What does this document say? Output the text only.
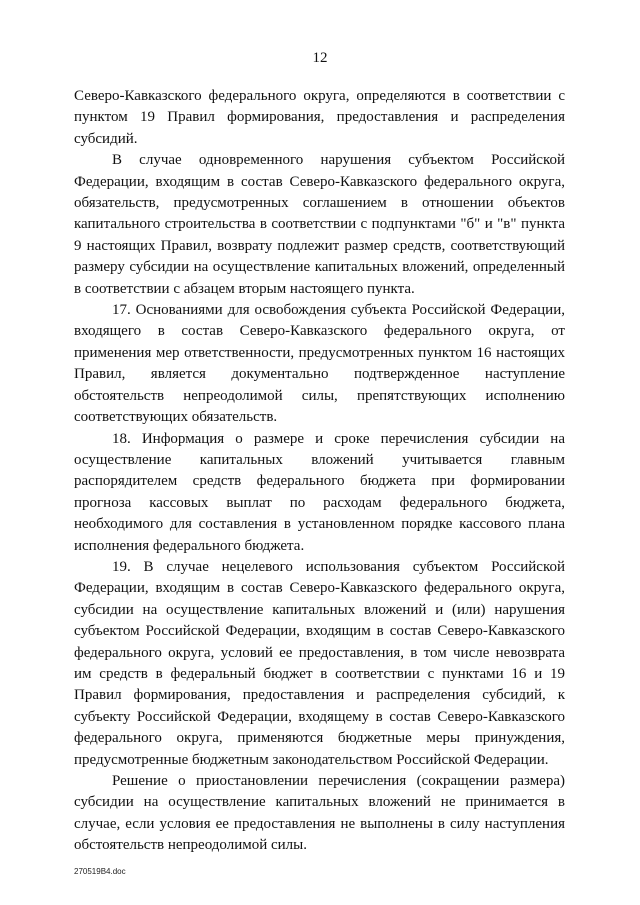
12

Северо-Кавказского федерального округа, определяются в соответствии с пунктом 19 Правил формирования, предоставления и распределения субсидий.

В случае одновременного нарушения субъектом Российской Федерации, входящим в состав Северо-Кавказского федерального округа, обязательств, предусмотренных соглашением в отношении объектов капитального строительства в соответствии с подпунктами "б" и "в" пункта 9 настоящих Правил, возврату подлежит размер средств, соответствующий размеру субсидии на осуществление капитальных вложений, определенный в соответствии с абзацем вторым настоящего пункта.

17. Основаниями для освобождения субъекта Российской Федерации, входящего в состав Северо-Кавказского федерального округа, от применения мер ответственности, предусмотренных пунктом 16 настоящих Правил, является документально подтвержденное наступление обстоятельств непреодолимой силы, препятствующих исполнению соответствующих обязательств.

18. Информация о размере и сроке перечисления субсидии на осуществление капитальных вложений учитывается главным распорядителем средств федерального бюджета при формировании прогноза кассовых выплат по расходам федерального бюджета, необходимого для составления в установленном порядке кассового плана исполнения федерального бюджета.

19. В случае нецелевого использования субъектом Российской Федерации, входящим в состав Северо-Кавказского федерального округа, субсидии на осуществление капитальных вложений и (или) нарушения субъектом Российской Федерации, входящим в состав Северо-Кавказского федерального округа, условий ее предоставления, в том числе невозврата им средств в федеральный бюджет в соответствии с пунктами 16 и 19 Правил формирования, предоставления и распределения субсидий, к субъекту Российской Федерации, входящему в состав Северо-Кавказского федерального округа, применяются бюджетные меры принуждения, предусмотренные бюджетным законодательством Российской Федерации.

Решение о приостановлении перечисления (сокращении размера) субсидии на осуществление капитальных вложений не принимается в случае, если условия ее предоставления не выполнены в силу наступления обстоятельств непреодолимой силы.

270519В4.doc
